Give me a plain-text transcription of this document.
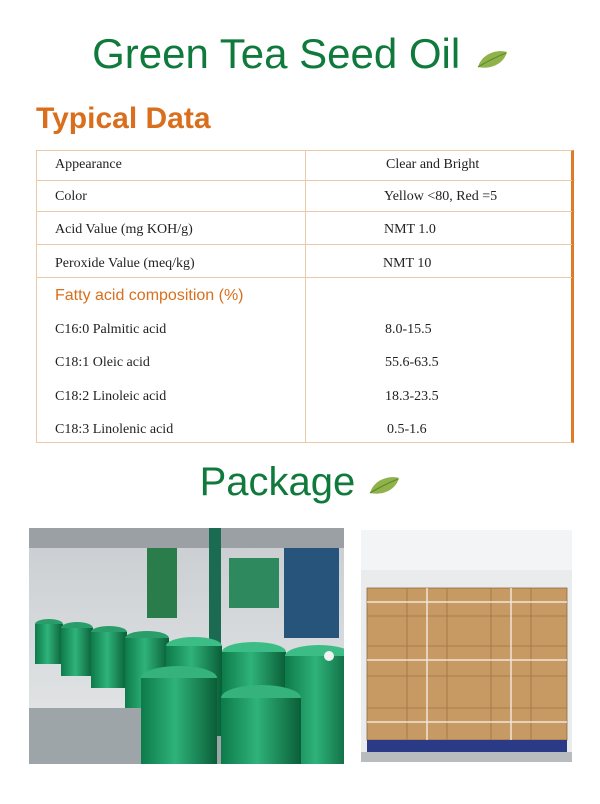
Green Tea Seed Oil
Typical Data
Appearance	Clear and Bright
Color	Yellow <80, Red =5
Acid Value (mg KOH/g)	NMT 1.0
Peroxide Value (meq/kg)	NMT 10
Fatty acid composition (%)
C16:0 Palmitic acid	8.0-15.5
C18:1 Oleic acid	55.6-63.5
C18:2 Linoleic acid	18.3-23.5
C18:3 Linolenic acid	0.5-1.6
Package
